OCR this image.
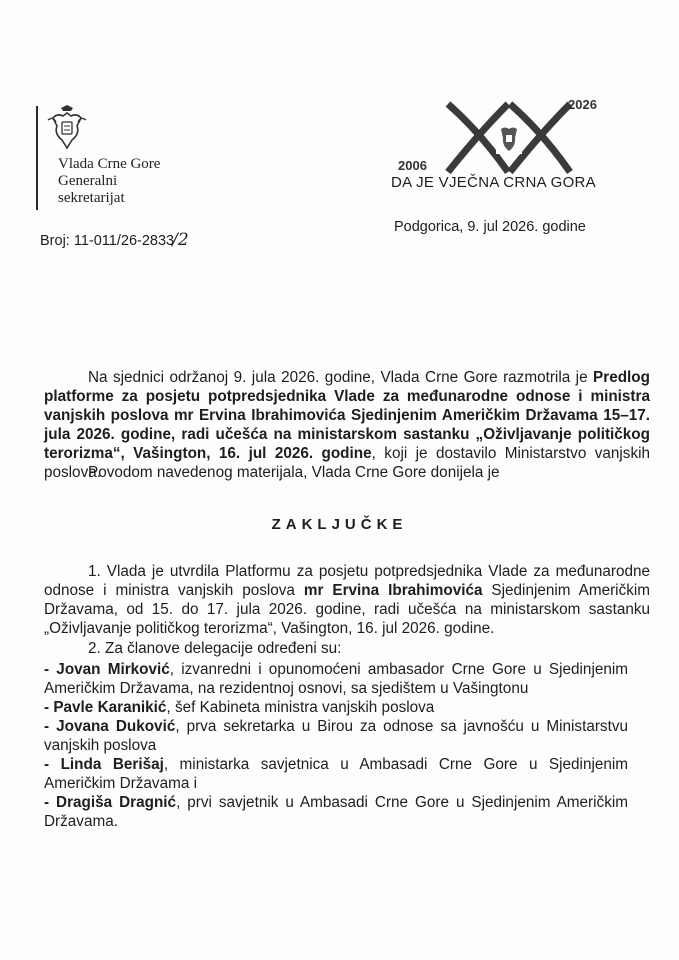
Vlada Crne Gore
Generalni
sekretarijat
Broj: 11-011/26-2833/2
2026
2006
DA JE VJEČNA CRNA GORA
Podgorica, 9. jul 2026. godine
Na sjednici održanoj 9. jula 2026. godine, Vlada Crne Gore razmotrila je Predlog platforme za posjetu potpredsjednika Vlade za međunarodne odnose i ministra vanjskih poslova mr Ervina Ibrahimovića Sjedinjenim Američkim Državama 15–17. jula 2026. godine, radi učešća na ministarskom sastanku „Oživljavanje političkog terorizma“, Vašington, 16. jul 2026. godine, koji je dostavilo Ministarstvo vanjskih poslova.
Povodom navedenog materijala, Vlada Crne Gore donijela je
ZAKLJUČKE
1. Vlada je utvrdila Platformu za posjetu potpredsjednika Vlade za međunarodne odnose i ministra vanjskih poslova mr Ervina Ibrahimovića Sjedinjenim Američkim Državama, od 15. do 17. jula 2026. godine, radi učešća na ministarskom sastanku „Oživljavanje političkog terorizma“, Vašington, 16. jul 2026. godine.
2. Za članove delegacije određeni su:
- Jovan Mirković, izvanredni i opunomoćeni ambasador Crne Gore u Sjedinjenim Američkim Državama, na rezidentnoj osnovi, sa sjedištem u Vašingtonu
- Pavle Karanikić, šef Kabineta ministra vanjskih poslova
- Jovana Duković, prva sekretarka u Birou za odnose sa javnošću u Ministarstvu vanjskih poslova
- Linda Berišaj, ministarka savjetnica u Ambasadi Crne Gore u Sjedinjenim Američkim Državama i
- Dragiša Dragnić, prvi savjetnik u Ambasadi Crne Gore u Sjedinjenim Američkim Državama.
